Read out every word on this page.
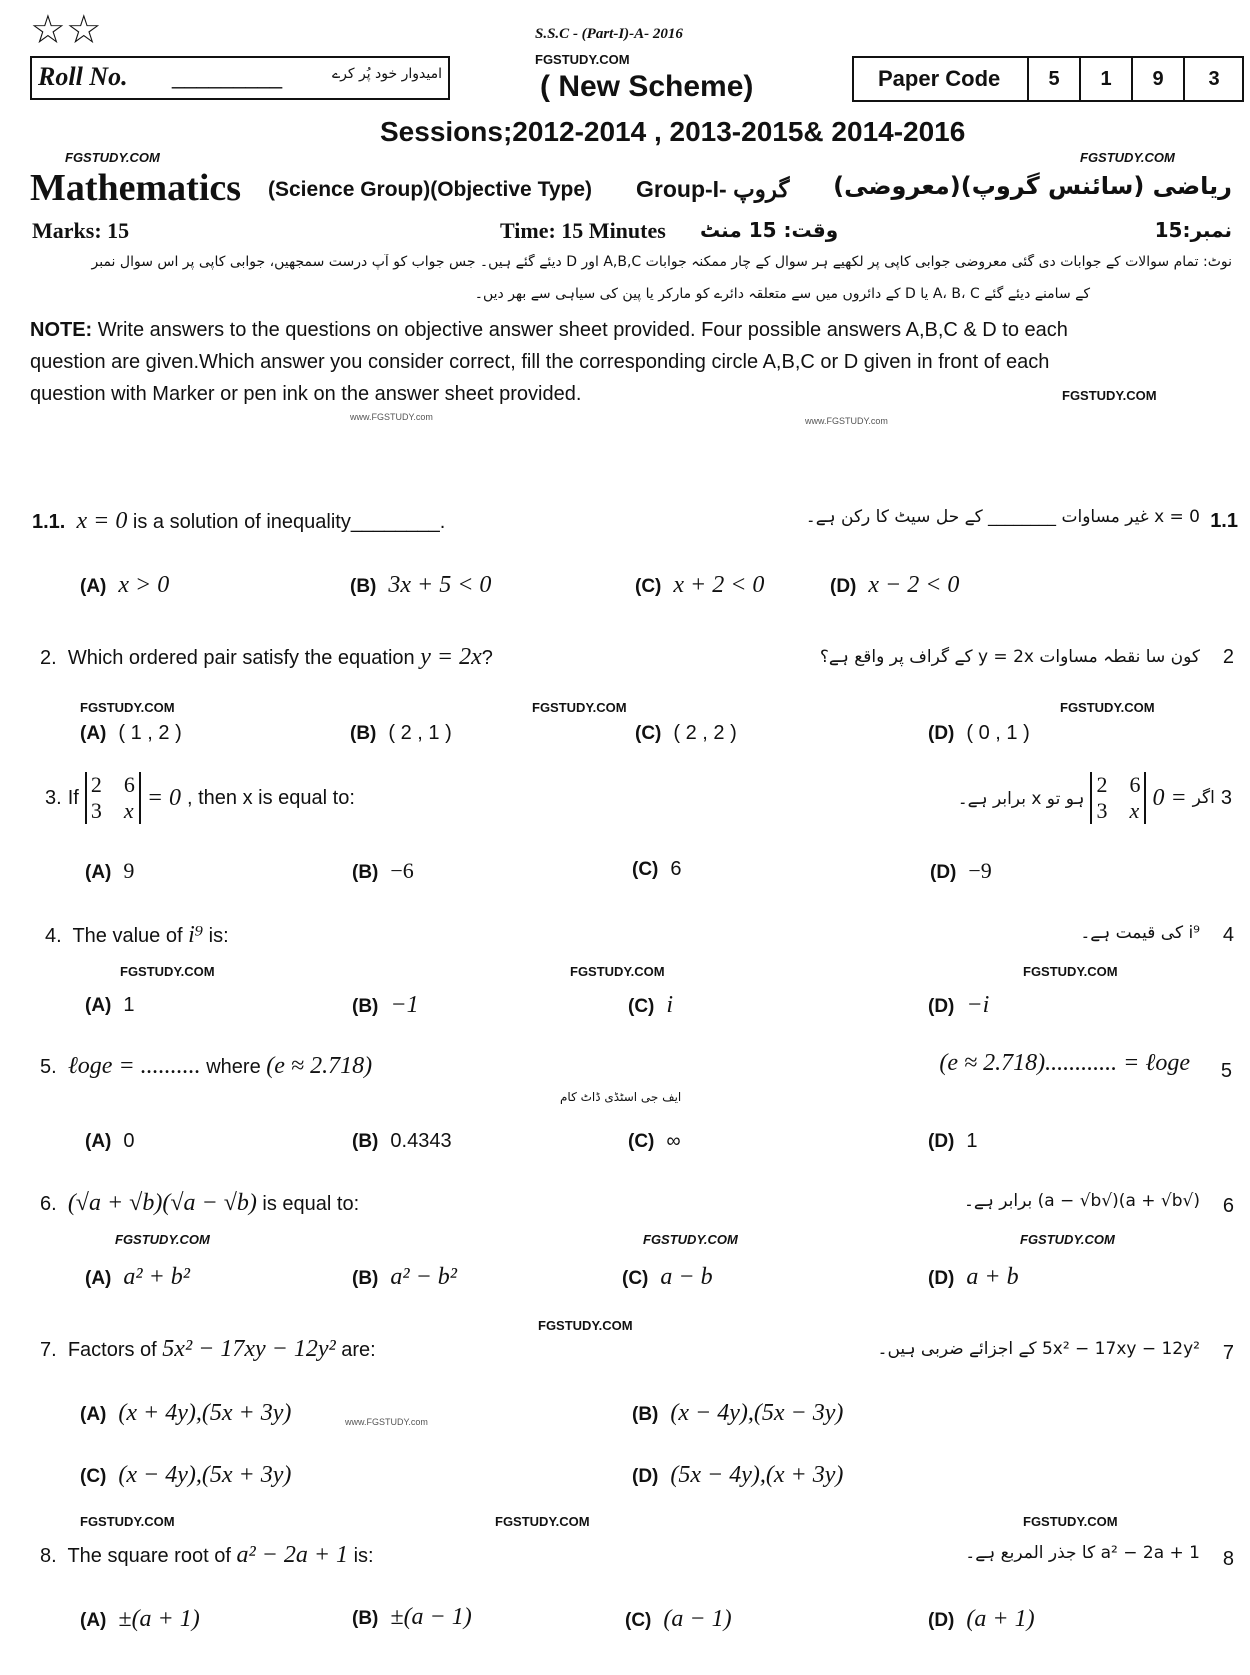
☆☆	S.S.C - (Part-I)-A- 2016
FGSTUDY.COM
Roll No. _________	امیدوار خود پُر کرے	( New Scheme)	Paper Code	5	1	9	3
Sessions;2012-2014 , 2013-2015& 2014-2016
FGSTUDY.COM	FGSTUDY.COM
Mathematics (Science Group)(Objective Type) Group-I- گروپ ریاضی (سائنس گروپ)(معروضی)
Marks: 15	Time: 15 Minutes وقت: 15 منٹ	نمبر:15
نوٹ: تمام سوالات کے جوابات دی گئی معروضی جوابی کاپی پر لکھیے ہر سوال کے چار ممکنہ جوابات A,B,C اور D دیئے گئے ہیں۔ جس جواب کو آپ درست سمجھیں، جوابی کاپی پر اس سوال نمبر
کے سامنے دیئے گئے A، B، C یا D کے دائروں میں سے متعلقہ دائرے کو مارکر یا پین کی سیاہی سے بھر دیں۔
NOTE: Write answers to the questions on objective answer sheet provided. Four possible answers A,B,C & D to each
question are given.Which answer you consider correct, fill the corresponding circle A,B,C or D given in front of each
question with Marker or pen ink on the answer sheet provided.	FGSTUDY.COM
www.FGSTUDY.com	www.FGSTUDY.com
1.1. x = 0 is a solution of inequality________.	x = 0 غیر مساوات ________ کے حل سیٹ کا رکن ہے۔ 1.1
(A) x > 0	(B) 3x + 5 < 0	(C) x + 2 < 0	(D) x − 2 < 0
2. Which ordered pair satisfy the equation y = 2x?	کون سا نقطہ مساوات y = 2x کے گراف پر واقع ہے؟ 2
FGSTUDY.COM	FGSTUDY.COM	FGSTUDY.COM
(A) ( 1 , 2 )	(B) ( 2 , 1 )	(C) ( 2 , 2 )	(D) ( 0 , 1 )
3. If
2 6
3 x = 0 , then x is equal to:	3
اگر
= 0
2 6
3 x
ہو تو x برابر ہے۔
(A) 9	(B) −6	(C) 6	(D) −9
4. The value of i⁹ is:	i⁹ کی قیمت ہے۔ 4
FGSTUDY.COM	FGSTUDY.COM	FGSTUDY.COM
(A) 1	(B) −1	(C) i	(D) −i
5. ℓoge = .......... where (e ≈ 2.718)	(e ≈ 2.718)............ = ℓoge 5
ایف جی اسٹڈی ڈاٹ کام
(A) 0	(B) 0.4343	(C) ∞	(D) 1
6. (√a + √b)(√a − √b) is equal to:	(√a + √b)(√a − √b) برابر ہے۔ 6
FGSTUDY.COM	FGSTUDY.COM	FGSTUDY.COM
(A) a² + b²	(B) a² − b²	(C) a − b	(D) a + b
FGSTUDY.COM
7. Factors of 5x² − 17xy − 12y² are:	5x² − 17xy − 12y² کے اجزائے ضربی ہیں۔ 7
(A) (x + 4y),(5x + 3y)	www.FGSTUDY.com	(B) (x − 4y),(5x − 3y)
(C) (x − 4y),(5x + 3y)	(D) (5x − 4y),(x + 3y)
FGSTUDY.COM	FGSTUDY.COM	FGSTUDY.COM
8. The square root of a² − 2a + 1 is:	a² − 2a + 1 کا جذر المربع ہے۔ 8
(A) ±(a + 1)	(B) ±(a − 1)	(C) (a − 1)	(D) (a + 1)
